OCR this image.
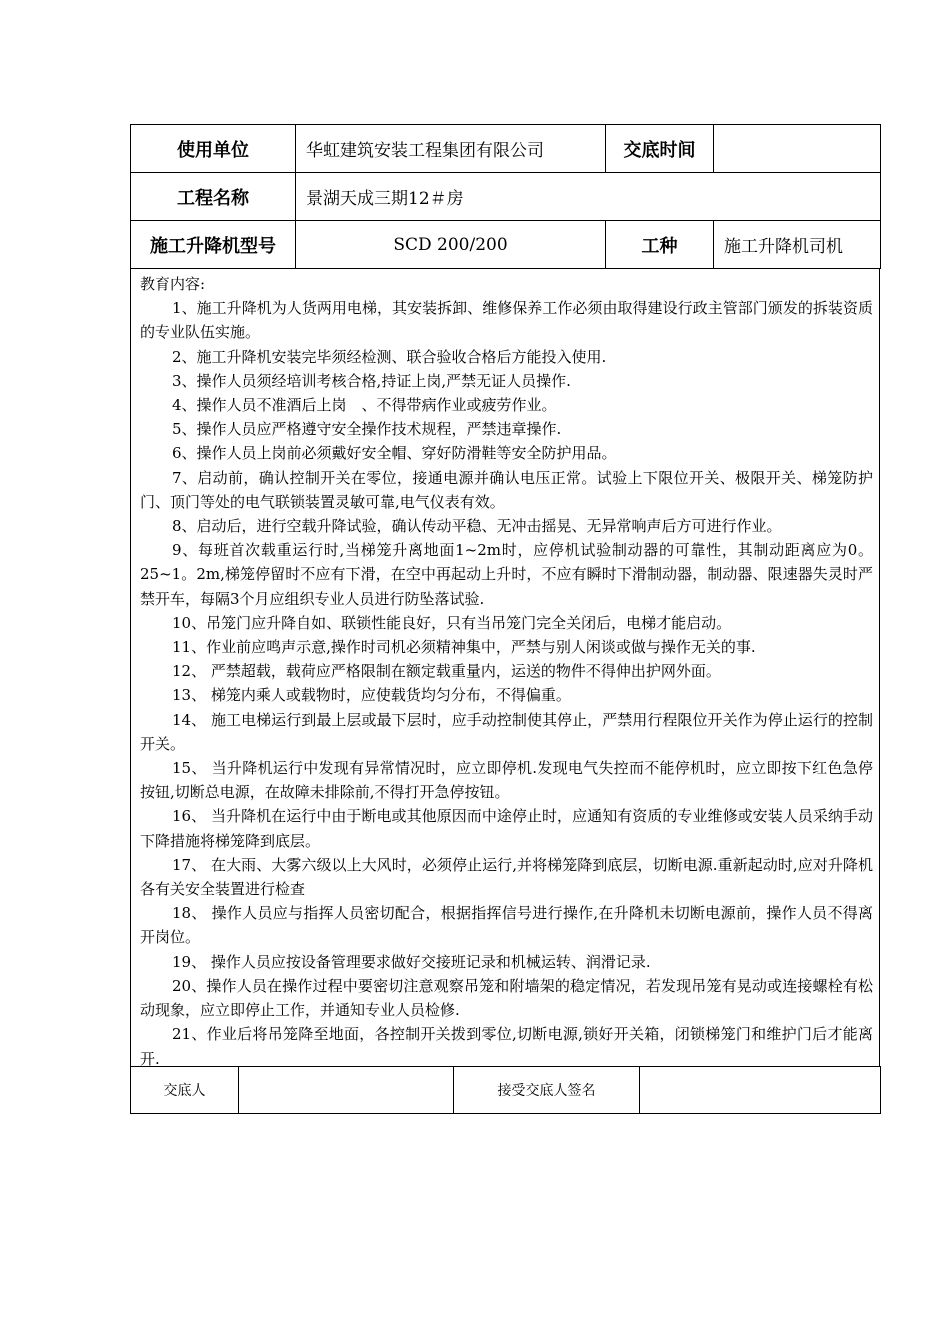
使用单位	华虹建筑安装工程集团有限公司	交底时间	
工程名称	景湖天成三期12＃房		
施工升降机型号	SCD 200/200	工种	施工升降机司机
教育内容:

1、施工升降机为人货两用电梯，其安装拆卸、维修保养工作必须由取得建设行政主管部门颁发的拆装资质的专业队伍实施。

2、施工升降机安装完毕须经检测、联合验收合格后方能投入使用.

3、操作人员须经培训考核合格,持证上岗,严禁无证人员操作.

4、操作人员不准酒后上岗　、不得带病作业或疲劳作业。

5、操作人员应严格遵守安全操作技术规程，严禁违章操作.

6、操作人员上岗前必须戴好安全帽、穿好防滑鞋等安全防护用品。

7、启动前，确认控制开关在零位，接通电源并确认电压正常。试验上下限位开关、极限开关、梯笼防护门、顶门等处的电气联锁装置灵敏可靠,电气仪表有效。

8、启动后，进行空载升降试验，确认传动平稳、无冲击摇晃、无异常响声后方可进行作业。

9、每班首次载重运行时,当梯笼升离地面1~2m时，应停机试验制动器的可靠性，其制动距离应为0。25~1。2m,梯笼停留时不应有下滑，在空中再起动上升时，不应有瞬时下滑制动器，制动器、限速器失灵时严禁开车，每隔3个月应组织专业人员进行防坠落试验.

10、吊笼门应升降自如、联锁性能良好，只有当吊笼门完全关闭后，电梯才能启动。

11、作业前应鸣声示意,操作时司机必须精神集中，严禁与别人闲谈或做与操作无关的事.

12、 严禁超载，载荷应严格限制在额定载重量内，运送的物件不得伸出护网外面。

13、 梯笼内乘人或载物时，应使载货均匀分布，不得偏重。

14、 施工电梯运行到最上层或最下层时，应手动控制使其停止，严禁用行程限位开关作为停止运行的控制开关。

15、 当升降机运行中发现有异常情况时，应立即停机.发现电气失控而不能停机时，应立即按下红色急停按钮,切断总电源，在故障未排除前,不得打开急停按钮。

16、 当升降机在运行中由于断电或其他原因而中途停止时，应通知有资质的专业维修或安装人员采纳手动下降措施将梯笼降到底层。

17、 在大雨、大雾六级以上大风时，必须停止运行,并将梯笼降到底层，切断电源.重新起动时,应对升降机各有关安全装置进行检查

18、 操作人员应与指挥人员密切配合，根据指挥信号进行操作,在升降机未切断电源前，操作人员不得离开岗位。

19、 操作人员应按设备管理要求做好交接班记录和机械运转、润滑记录.

20、操作人员在操作过程中要密切注意观察吊笼和附墙架的稳定情况，若发现吊笼有晃动或连接螺栓有松动现象，应立即停止工作，并通知专业人员检修.

21、作业后将吊笼降至地面，各控制开关拨到零位,切断电源,锁好开关箱，闭锁梯笼门和维护门后才能离开.

交底人		接受交底人签名	
